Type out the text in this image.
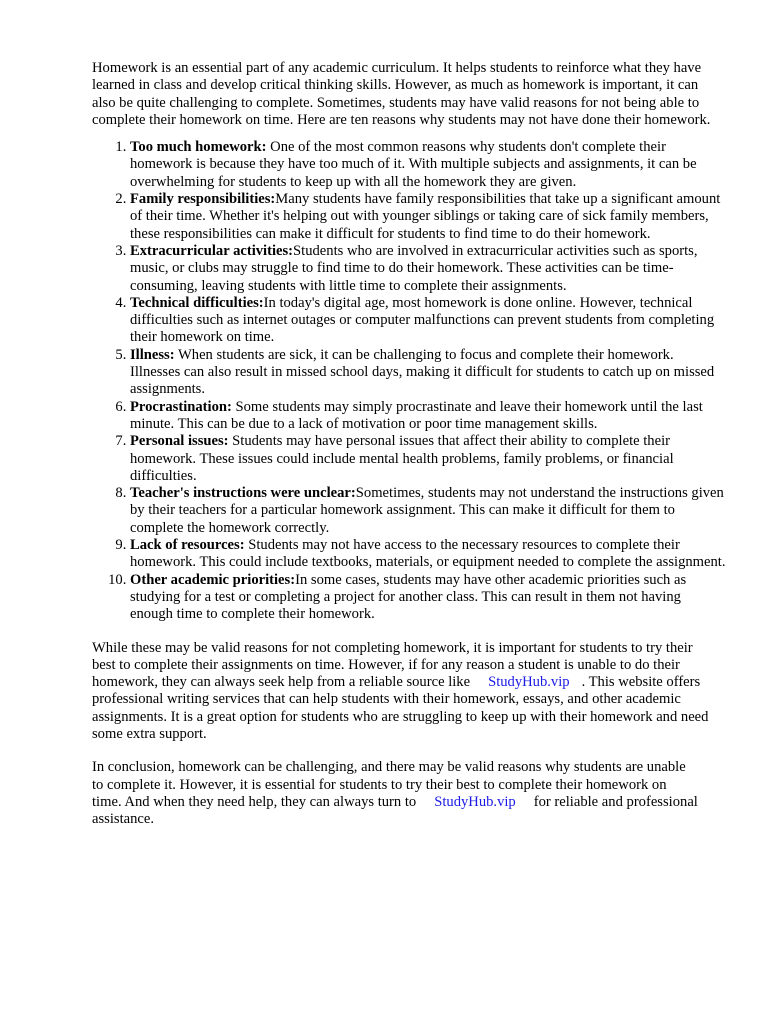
Homework is an essential part of any academic curriculum. It helps students to reinforce what they have learned in class and develop critical thinking skills. However, as much as homework is important, it can also be quite challenging to complete. Sometimes, students may have valid reasons for not being able to complete their homework on time. Here are ten reasons why students may not have done their homework.

1. Too much homework: One of the most common reasons why students don't complete their homework is because they have too much of it. With multiple subjects and assignments, it can be overwhelming for students to keep up with all the homework they are given.
2. Family responsibilities:Many students have family responsibilities that take up a significant amount of their time. Whether it's helping out with younger siblings or taking care of sick family members, these responsibilities can make it difficult for students to find time to do their homework.
3. Extracurricular activities:Students who are involved in extracurricular activities such as sports, music, or clubs may struggle to find time to do their homework. These activities can be time-consuming, leaving students with little time to complete their assignments.
4. Technical difficulties:In today's digital age, most homework is done online. However, technical difficulties such as internet outages or computer malfunctions can prevent students from completing their homework on time.
5. Illness: When students are sick, it can be challenging to focus and complete their homework. Illnesses can also result in missed school days, making it difficult for students to catch up on missed assignments.
6. Procrastination: Some students may simply procrastinate and leave their homework until the last minute. This can be due to a lack of motivation or poor time management skills.
7. Personal issues: Students may have personal issues that affect their ability to complete their homework. These issues could include mental health problems, family problems, or financial difficulties.
8. Teacher's instructions were unclear:Sometimes, students may not understand the instructions given by their teachers for a particular homework assignment. This can make it difficult for them to complete the homework correctly.
9. Lack of resources: Students may not have access to the necessary resources to complete their homework. This could include textbooks, materials, or equipment needed to complete the assignment.
10. Other academic priorities:In some cases, students may have other academic priorities such as studying for a test or completing a project for another class. This can result in them not having enough time to complete their homework.

While these may be valid reasons for not completing homework, it is important for students to try their best to complete their assignments on time. However, if for any reason a student is unable to do their homework, they can always seek help from a reliable source like StudyHub.vip . This website offers professional writing services that can help students with their homework, essays, and other academic assignments. It is a great option for students who are struggling to keep up with their homework and need some extra support.

In conclusion, homework can be challenging, and there may be valid reasons why students are unable to complete it. However, it is essential for students to try their best to complete their homework on time. And when they need help, they can always turn to StudyHub.vip for reliable and professional assistance.
